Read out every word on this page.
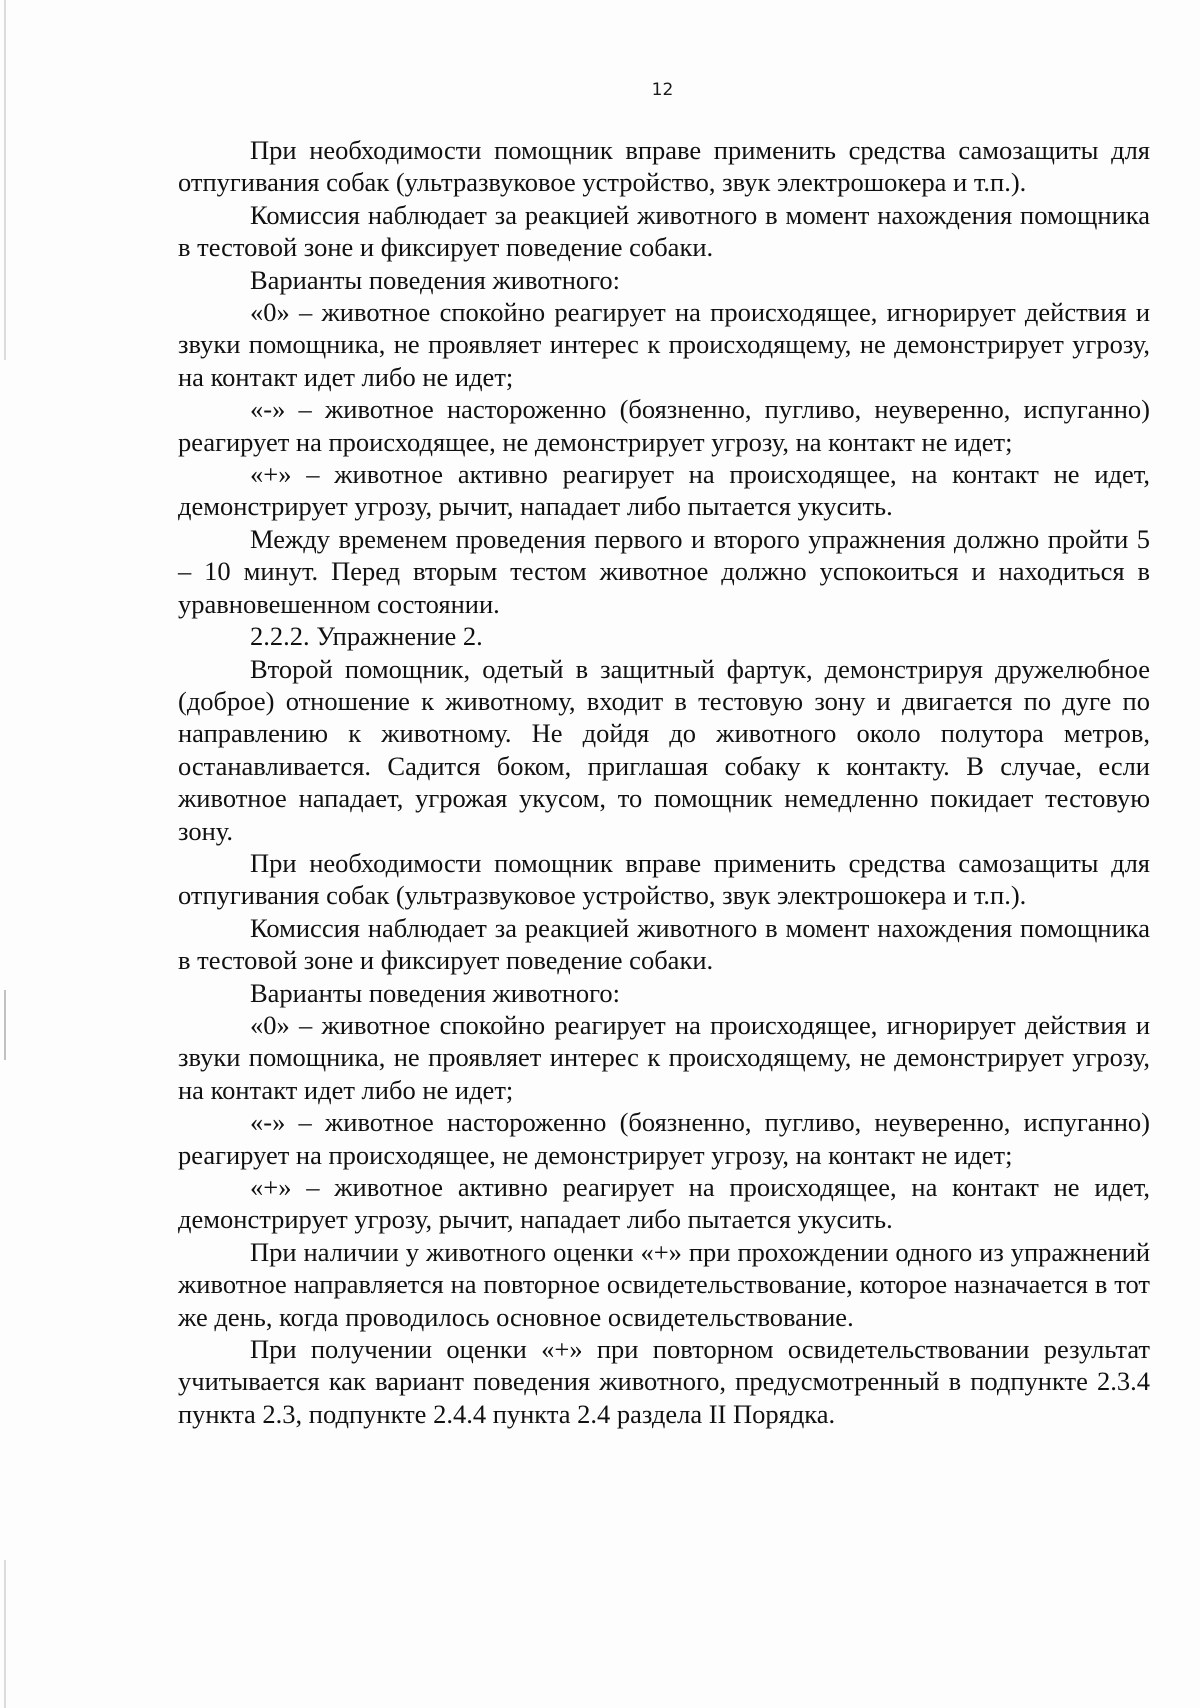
12

При необходимости помощник вправе применить средства самозащиты для отпугивания собак (ультразвуковое устройство, звук электрошокера и т.п.).

Комиссия наблюдает за реакцией животного в момент нахождения помощника в тестовой зоне и фиксирует поведение собаки.

Варианты поведения животного:

«0» – животное спокойно реагирует на происходящее, игнорирует действия и звуки помощника, не проявляет интерес к происходящему, не демонстрирует угрозу, на контакт идет либо не идет;

«-» – животное настороженно (боязненно, пугливо, неуверенно, испуганно) реагирует на происходящее, не демонстрирует угрозу, на контакт не идет;

«+» – животное активно реагирует на происходящее, на контакт не идет, демонстрирует угрозу, рычит, нападает либо пытается укусить.

Между временем проведения первого и второго упражнения должно пройти 5 – 10 минут. Перед вторым тестом животное должно успокоиться и находиться в уравновешенном состоянии.

2.2.2. Упражнение 2.

Второй помощник, одетый в защитный фартук, демонстрируя дружелюбное (доброе) отношение к животному, входит в тестовую зону и двигается по дуге по направлению к животному. Не дойдя до животного около полутора метров, останавливается. Садится боком, приглашая собаку к контакту. В случае, если животное нападает, угрожая укусом, то помощник немедленно покидает тестовую зону.

При необходимости помощник вправе применить средства самозащиты для отпугивания собак (ультразвуковое устройство, звук электрошокера и т.п.).

Комиссия наблюдает за реакцией животного в момент нахождения помощника в тестовой зоне и фиксирует поведение собаки.

Варианты поведения животного:

«0» – животное спокойно реагирует на происходящее, игнорирует действия и звуки помощника, не проявляет интерес к происходящему, не демонстрирует угрозу, на контакт идет либо не идет;

«-» – животное настороженно (боязненно, пугливо, неуверенно, испуганно) реагирует на происходящее, не демонстрирует угрозу, на контакт не идет;

«+» – животное активно реагирует на происходящее, на контакт не идет, демонстрирует угрозу, рычит, нападает либо пытается укусить.

При наличии у животного оценки «+» при прохождении одного из упражнений животное направляется на повторное освидетельствование, которое назначается в тот же день, когда проводилось основное освидетельствование.

При получении оценки «+» при повторном освидетельствовании результат учитывается как вариант поведения животного, предусмотренный в подпункте 2.3.4 пункта 2.3, подпункте 2.4.4 пункта 2.4 раздела II Порядка.
